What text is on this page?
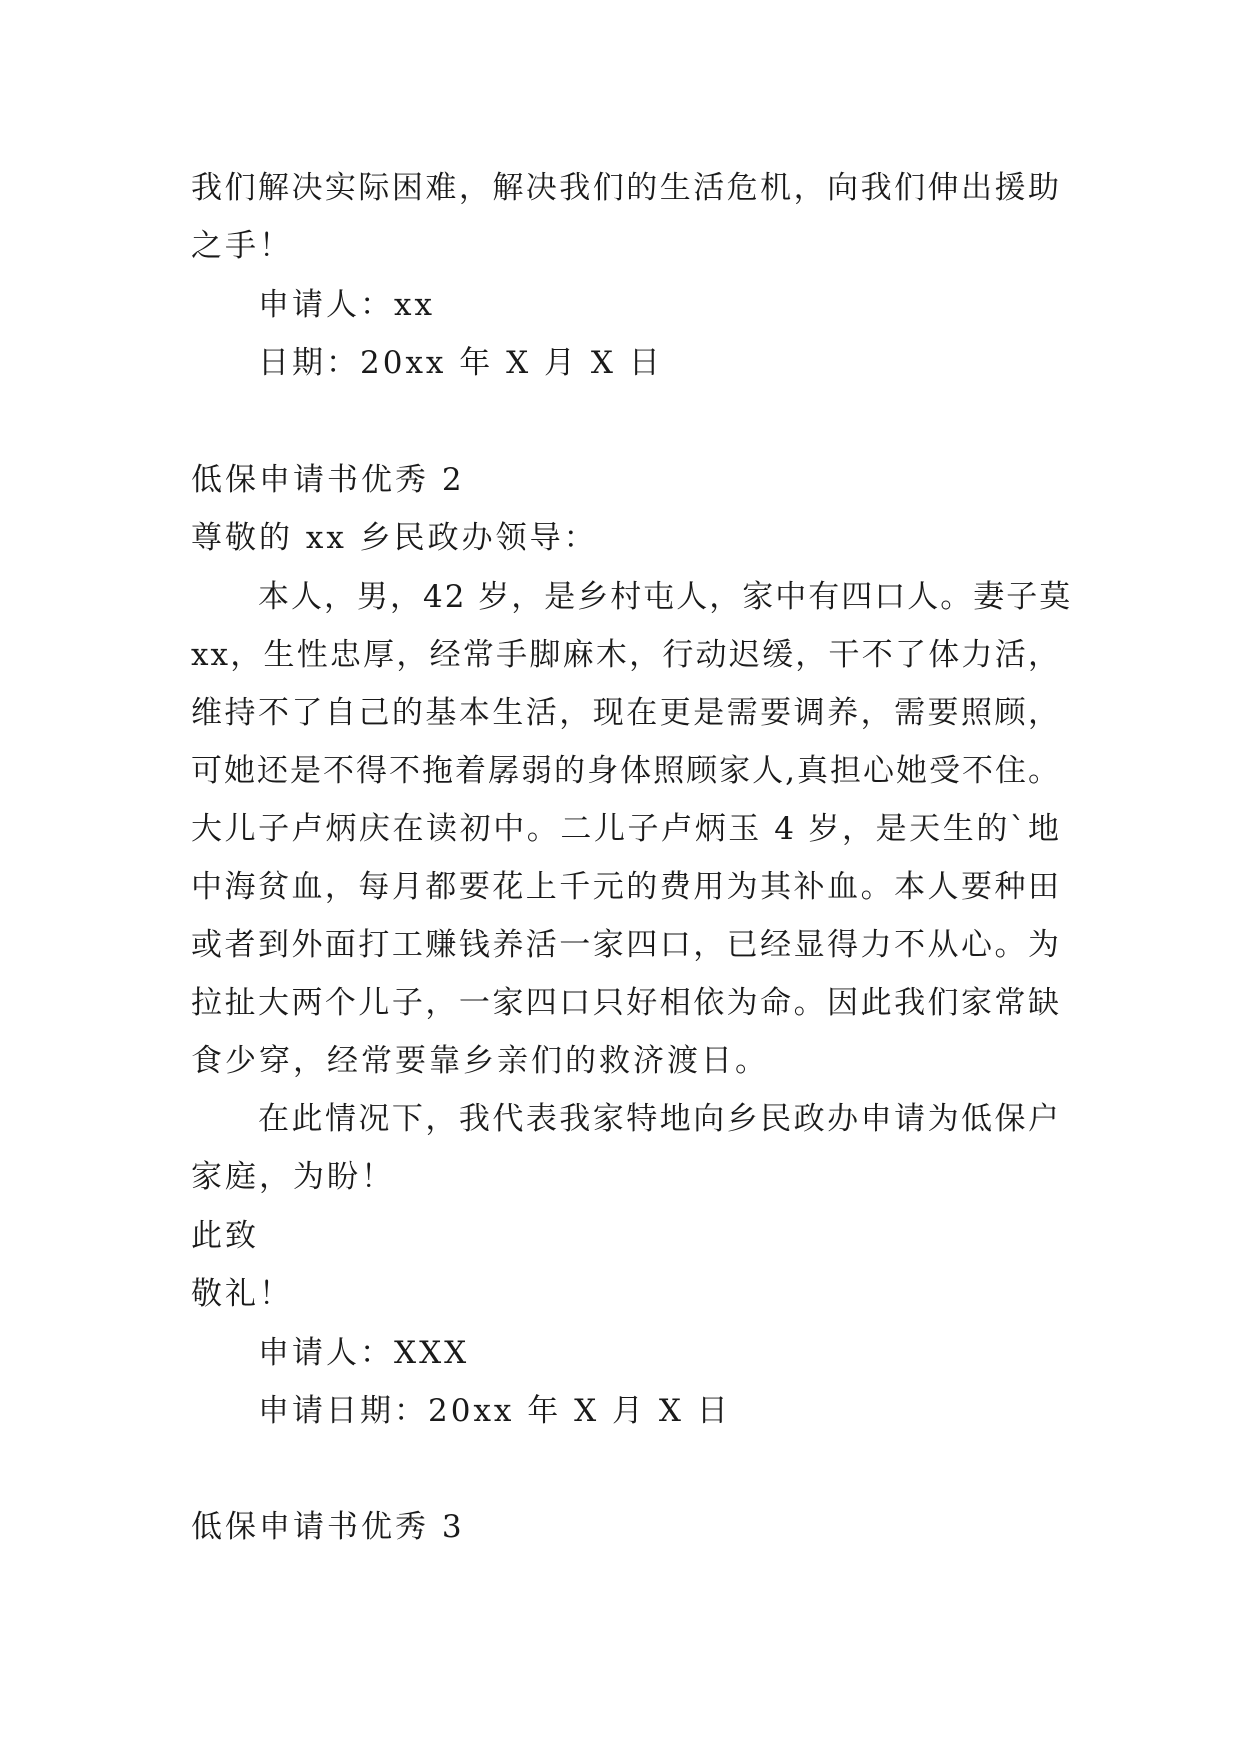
我们解决实际困难，解决我们的生活危机，向我们伸出援助
之手！
申请人：xx
日期：20xx 年 X 月 X 日
低保申请书优秀 2
尊敬的 xx 乡民政办领导：
本人，男，42 岁，是乡村屯人，家中有四口人。妻子莫
xx，生性忠厚，经常手脚麻木，行动迟缓，干不了体力活，
维持不了自己的基本生活，现在更是需要调养，需要照顾，
可她还是不得不拖着孱弱的身体照顾家人,真担心她受不住。
大儿子卢炳庆在读初中。二儿子卢炳玉 4 岁，是天生的`地
中海贫血，每月都要花上千元的费用为其补血。本人要种田
或者到外面打工赚钱养活一家四口，已经显得力不从心。为
拉扯大两个儿子，一家四口只好相依为命。因此我们家常缺
食少穿，经常要靠乡亲们的救济渡日。
在此情况下，我代表我家特地向乡民政办申请为低保户
家庭，为盼！
此致
敬礼！
申请人：XXX
申请日期：20xx 年 X 月 X 日
低保申请书优秀 3
